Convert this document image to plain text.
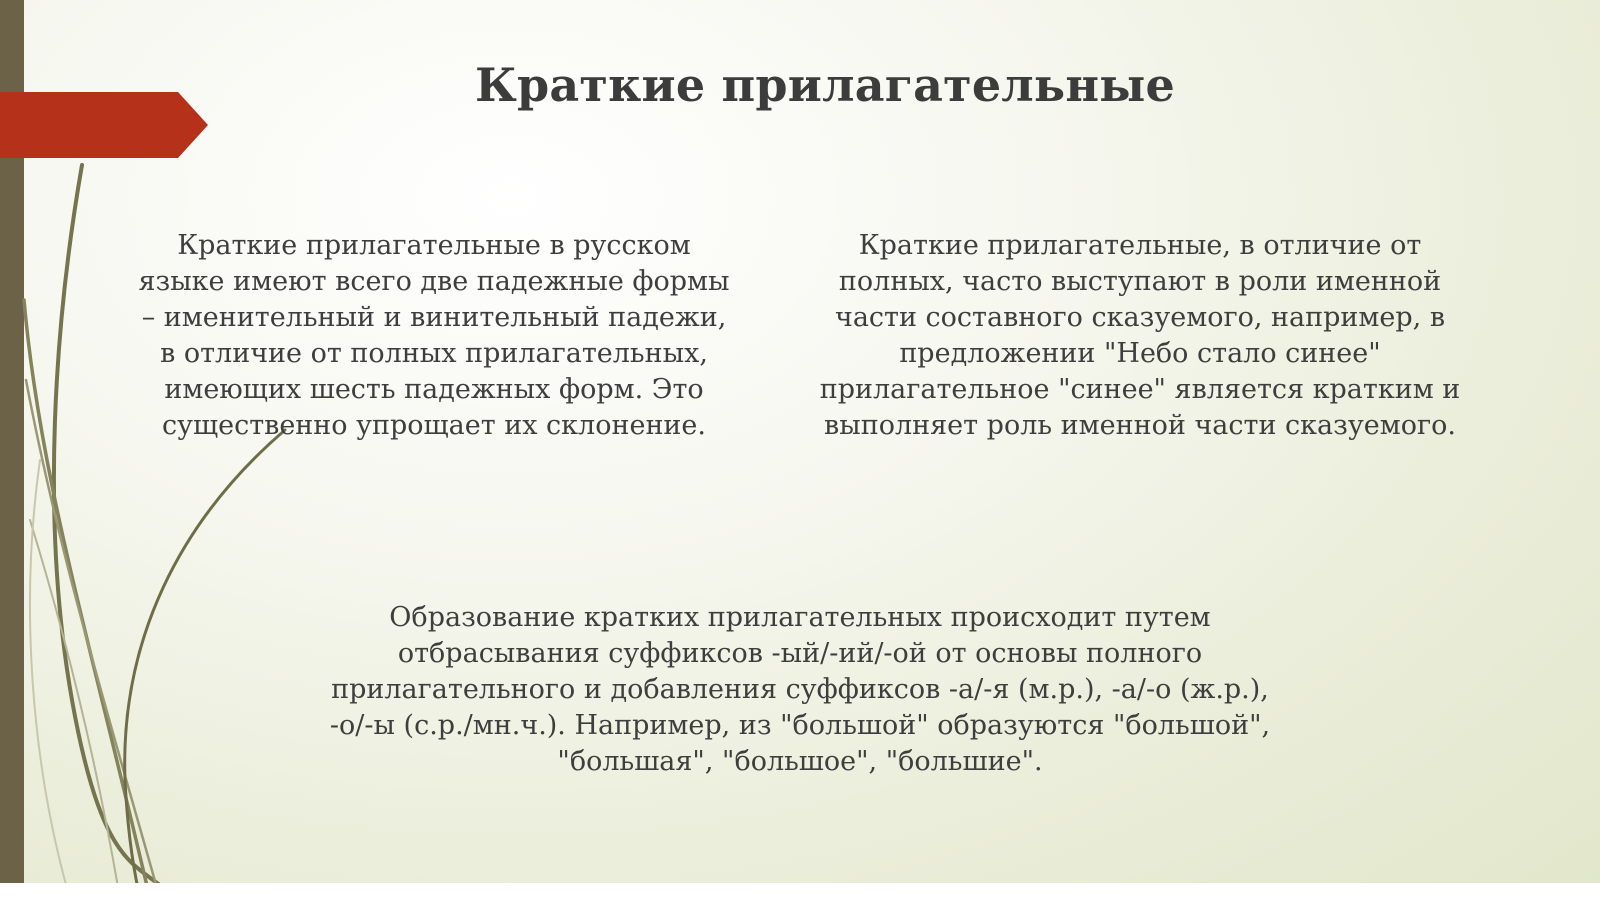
Краткие прилагательные
Краткие прилагательные в русском
языке имеют всего две падежные формы
– именительный и винительный падежи,
в отличие от полных прилагательных,
имеющих шесть падежных форм. Это
существенно упрощает их склонение.
Краткие прилагательные, в отличие от
полных, часто выступают в роли именной
части составного сказуемого, например, в
предложении "Небо стало синее"
прилагательное "синее" является кратким и
выполняет роль именной части сказуемого.
Образование кратких прилагательных происходит путем
отбрасывания суффиксов -ый/-ий/-ой от основы полного
прилагательного и добавления суффиксов -а/-я (м.р.), -а/-о (ж.р.),
-о/-ы (с.р./мн.ч.). Например, из "большой" образуются "большой",
"большая", "большое", "большие".
